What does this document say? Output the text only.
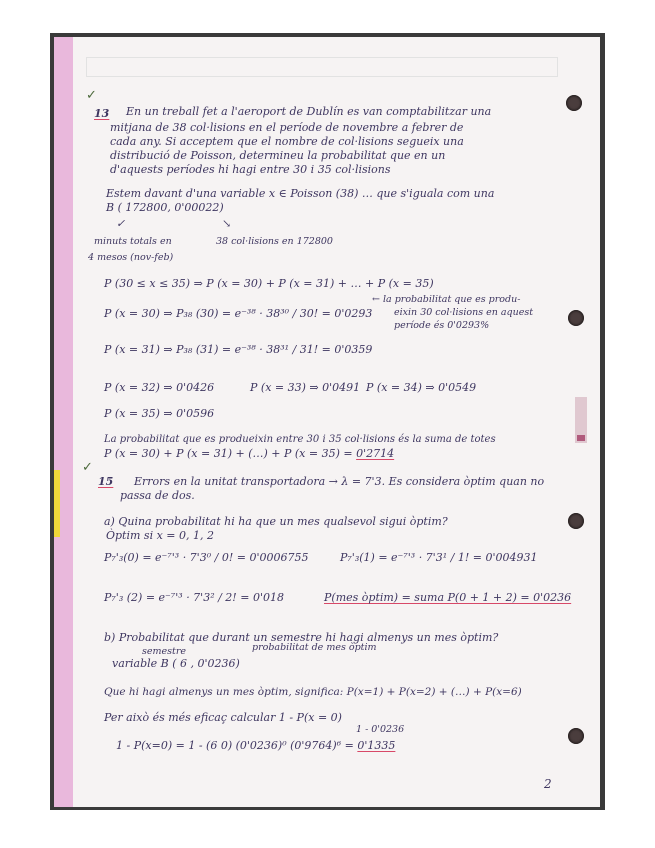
✓
13 En un treball fet a l'aeroport de Dublín es van comptabilitzar una
mitjana de 38 col·lisions en el període de novembre a febrer de
cada any. Si acceptem que el nombre de col·lisions segueix una
distribució de Poisson, determineu la probabilitat que en un
d'aquests períodes hi hagi entre 30 i 35 col·lisions
Estem davant d'una variable x ∈ Poisson (38) … que s'iguala com una
B ( 172800, 0'00022)
✓	↘
minuts totals en
4 mesos (nov-feb)
38 col·lisions en 172800
P (30 ≤ x ≤ 35) ⇒ P (x = 30) + P (x = 31) + … + P (x = 35)
P (x = 30) ⇒ P₃₈ (30) = e⁻³⁸ · 38³⁰ / 30! = 0'0293
← la probabilitat que es produ-
eixin 30 col·lisions en aquest
període és 0'0293%
P (x = 31) ⇒ P₃₈ (31) = e⁻³⁸ · 38³¹ / 31! = 0'0359
P (x = 32) ⇒ 0'0426	P (x = 33) ⇒ 0'0491 P (x = 34) ⇒ 0'0549
P (x = 35) ⇒ 0'0596
La probabilitat que es produeixin entre 30 i 35 col·lisions és la suma de totes
P (x = 30) + P (x = 31) + (…) + P (x = 35) = 0'2714
✓
15 Errors en la unitat transportadora → λ = 7'3. Es considera òptim quan no
passa de dos.
a) Quina probabilitat hi ha que un mes qualsevol sigui òptim?
Òptim si x = 0, 1, 2
P₇'₃(0) = e⁻⁷'³ · 7'3⁰ / 0! = 0'0006755	P₇'₃(1) = e⁻⁷'³ · 7'3¹ / 1! = 0'004931
P₇'₃ (2) = e⁻⁷'³ · 7'3² / 2! = 0'018	P(mes òptim) = suma P(0 + 1 + 2) = 0'0236
b) Probabilitat que durant un semestre hi hagi almenys un mes òptim?
semestre	probabilitat de mes òptim
variable B ( 6 , 0'0236)
Que hi hagi almenys un mes òptim, significa: P(x=1) + P(x=2) + (…) + P(x=6)
Per això és més eficaç calcular 1 - P(x = 0)
1 - 0'0236
1 - P(x=0) = 1 - (6 0) (0'0236)⁰ (0'9764)⁶ = 0'1335
2
